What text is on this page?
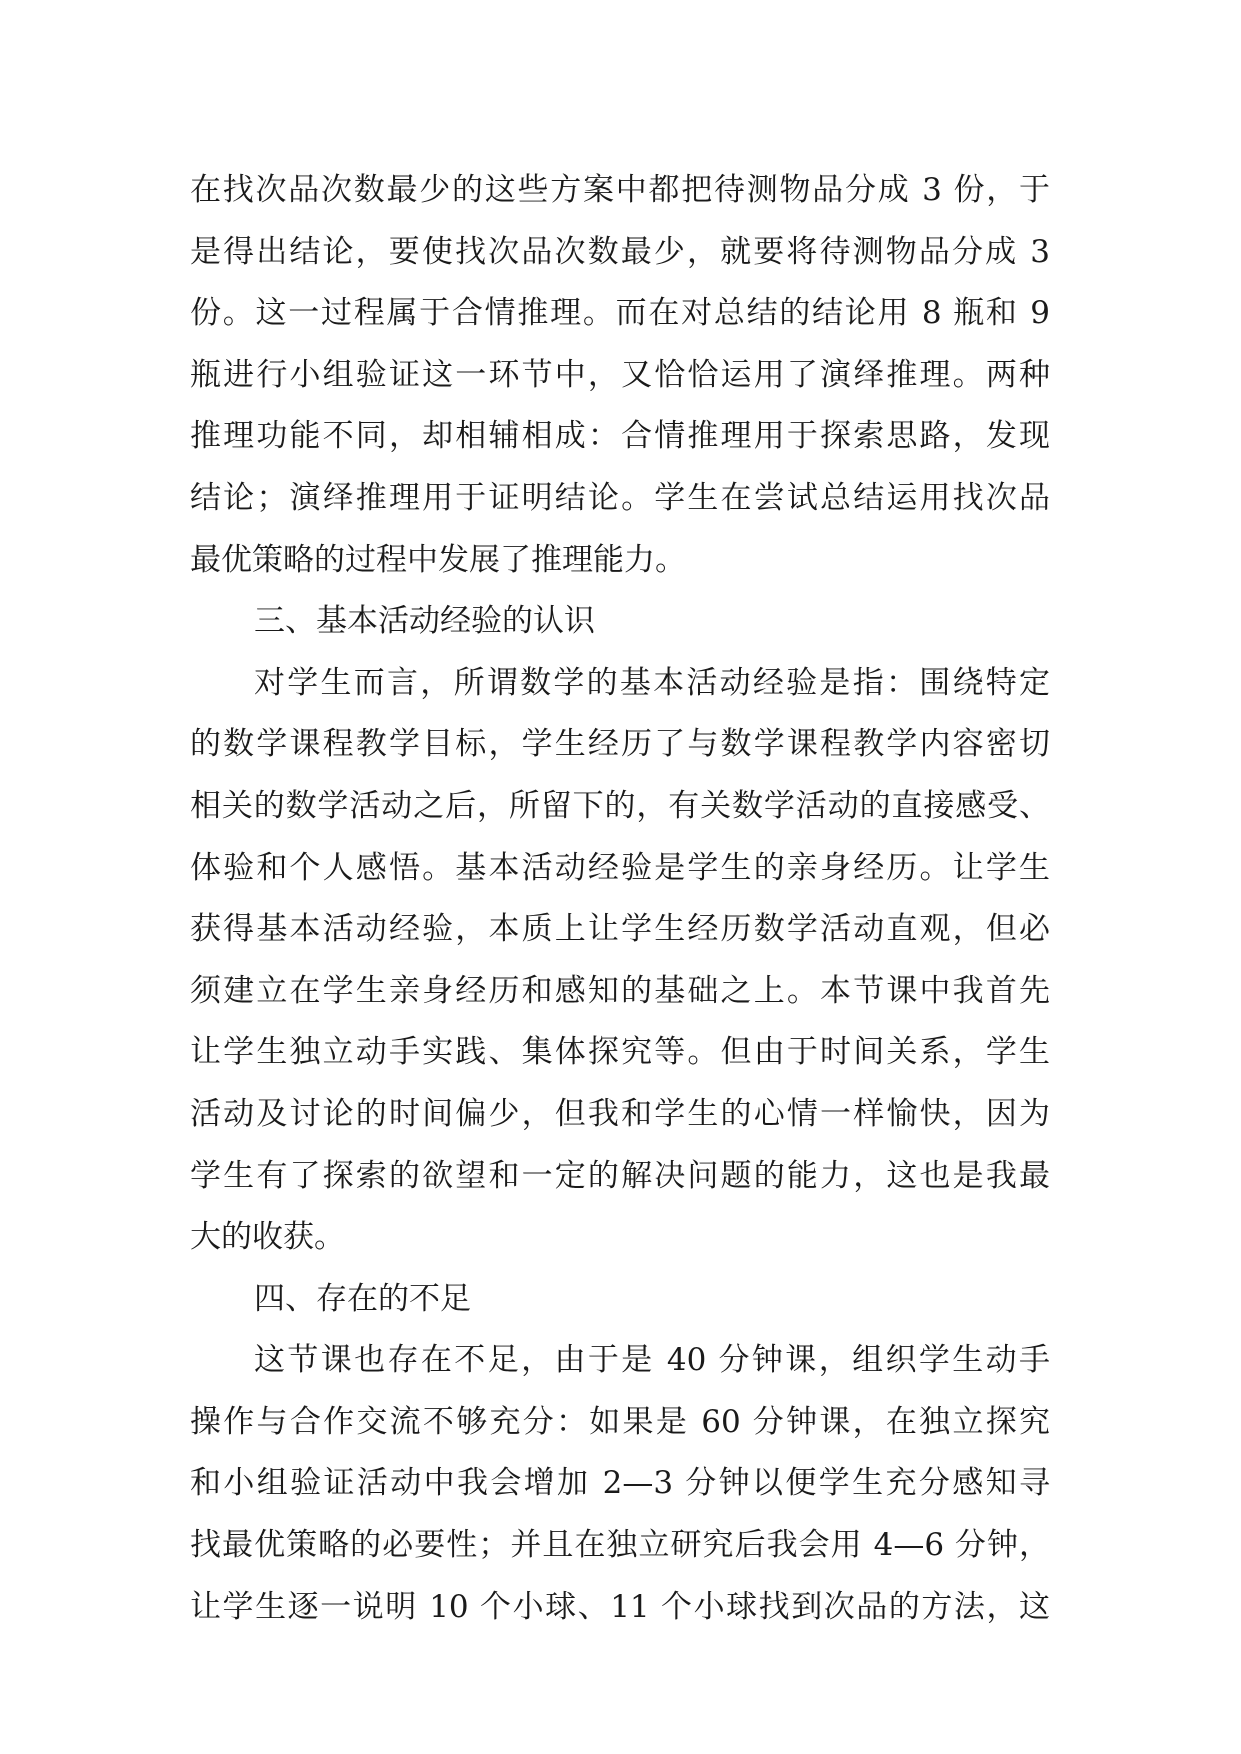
在找次品次数最少的这些方案中都把待测物品分成 3 份，于
是得出结论，要使找次品次数最少，就要将待测物品分成 3
份。这一过程属于合情推理。而在对总结的结论用 8 瓶和 9
瓶进行小组验证这一环节中，又恰恰运用了演绎推理。两种
推理功能不同，却相辅相成：合情推理用于探索思路，发现
结论；演绎推理用于证明结论。学生在尝试总结运用找次品
最优策略的过程中发展了推理能力。
三、基本活动经验的认识
对学生而言，所谓数学的基本活动经验是指：围绕特定
的数学课程教学目标，学生经历了与数学课程教学内容密切
相关的数学活动之后，所留下的，有关数学活动的直接感受、
体验和个人感悟。基本活动经验是学生的亲身经历。让学生
获得基本活动经验，本质上让学生经历数学活动直观，但必
须建立在学生亲身经历和感知的基础之上。本节课中我首先
让学生独立动手实践、集体探究等。但由于时间关系，学生
活动及讨论的时间偏少，但我和学生的心情一样愉快，因为
学生有了探索的欲望和一定的解决问题的能力，这也是我最
大的收获。
四、存在的不足
这节课也存在不足，由于是 40 分钟课，组织学生动手
操作与合作交流不够充分：如果是 60 分钟课，在独立探究
和小组验证活动中我会增加 2—3 分钟以便学生充分感知寻
找最优策略的必要性；并且在独立研究后我会用 4—6 分钟，
让学生逐一说明 10 个小球、11 个小球找到次品的方法，这
